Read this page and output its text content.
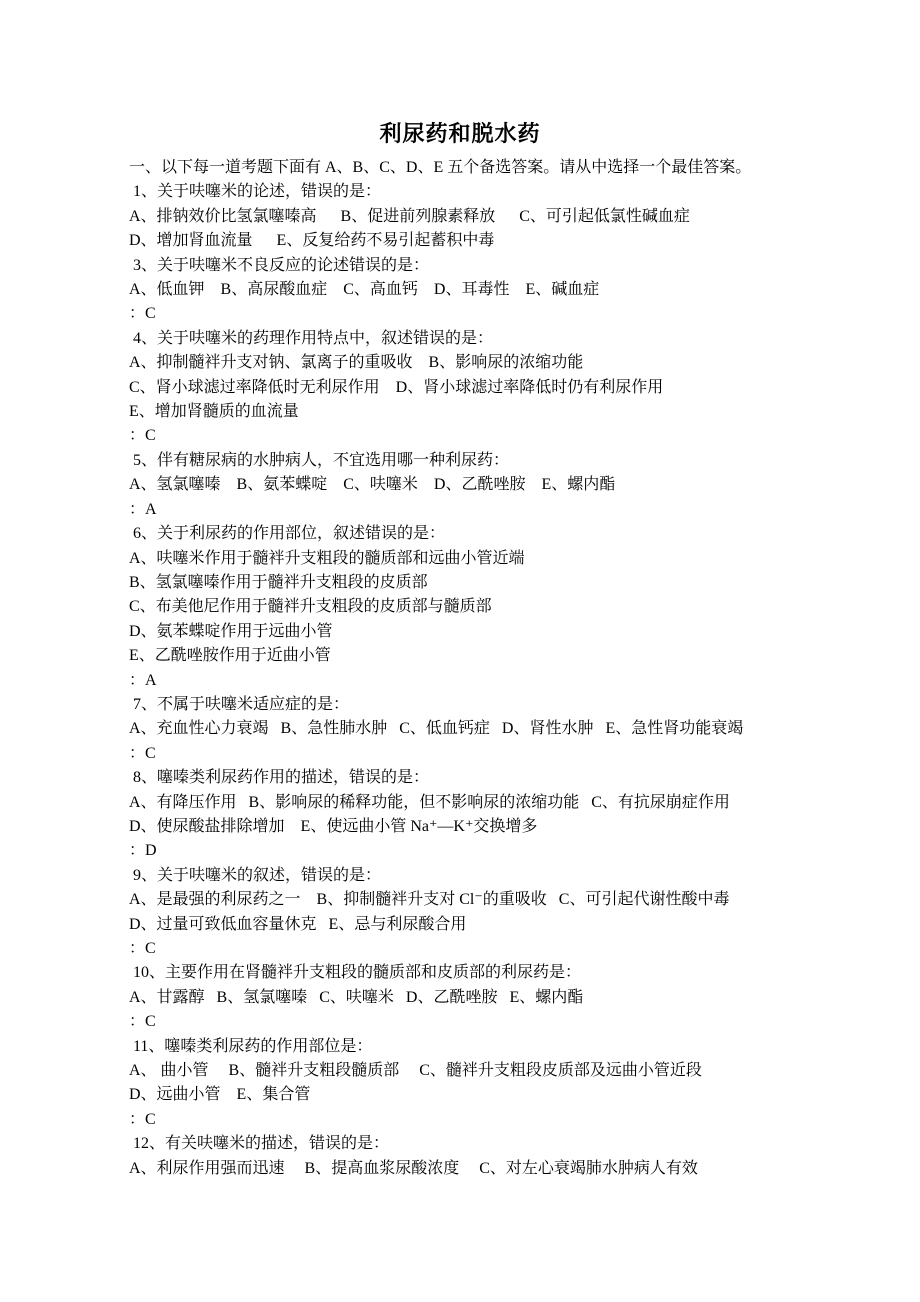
利尿药和脱水药
一、以下每一道考题下面有 A、B、C、D、E 五个备选答案。请从中选择一个最佳答案。
1、关于呋噻米的论述，错误的是：
A、排钠效价比氢氯噻嗪高      B、促进前列腺素释放      C、可引起低氯性碱血症
D、增加肾血流量      E、反复给药不易引起蓄积中毒
3、关于呋噻米不良反应的论述错误的是：
A、低血钾    B、高尿酸血症    C、高血钙    D、耳毒性    E、碱血症
：C
4、关于呋噻米的药理作用特点中，叙述错误的是：
A、抑制髓袢升支对钠、氯离子的重吸收    B、影响尿的浓缩功能
C、肾小球滤过率降低时无利尿作用    D、肾小球滤过率降低时仍有利尿作用
E、增加肾髓质的血流量
：C
5、伴有糖尿病的水肿病人，不宜选用哪一种利尿药：
A、氢氯噻嗪    B、氨苯蝶啶    C、呋噻米    D、乙酰唑胺    E、螺内酯
：A
6、关于利尿药的作用部位，叙述错误的是：
A、呋噻米作用于髓袢升支粗段的髓质部和远曲小管近端
B、氢氯噻嗪作用于髓袢升支粗段的皮质部
C、布美他尼作用于髓袢升支粗段的皮质部与髓质部
D、氨苯蝶啶作用于远曲小管
E、乙酰唑胺作用于近曲小管
：A
7、不属于呋噻米适应症的是：
A、充血性心力衰竭   B、急性肺水肿   C、低血钙症   D、肾性水肿   E、急性肾功能衰竭
：C
8、噻嗪类利尿药作用的描述，错误的是：
A、有降压作用   B、影响尿的稀释功能，但不影响尿的浓缩功能   C、有抗尿崩症作用
D、使尿酸盐排除增加    E、使远曲小管 Na⁺—K⁺交换增多
：D
9、关于呋噻米的叙述，错误的是：
A、是最强的利尿药之一    B、抑制髓袢升支对 Cl⁻的重吸收   C、可引起代谢性酸中毒
D、过量可致低血容量休克   E、忌与利尿酸合用
：C
10、主要作用在肾髓袢升支粗段的髓质部和皮质部的利尿药是：
A、甘露醇   B、氢氯噻嗪   C、呋噻米   D、乙酰唑胺   E、螺内酯
：C
11、噻嗪类利尿药的作用部位是：
A、 曲小管     B、髓袢升支粗段髓质部     C、髓袢升支粗段皮质部及远曲小管近段
D、远曲小管    E、集合管
：C
12、有关呋噻米的描述，错误的是：
A、利尿作用强而迅速     B、提高血浆尿酸浓度     C、对左心衰竭肺水肿病人有效
